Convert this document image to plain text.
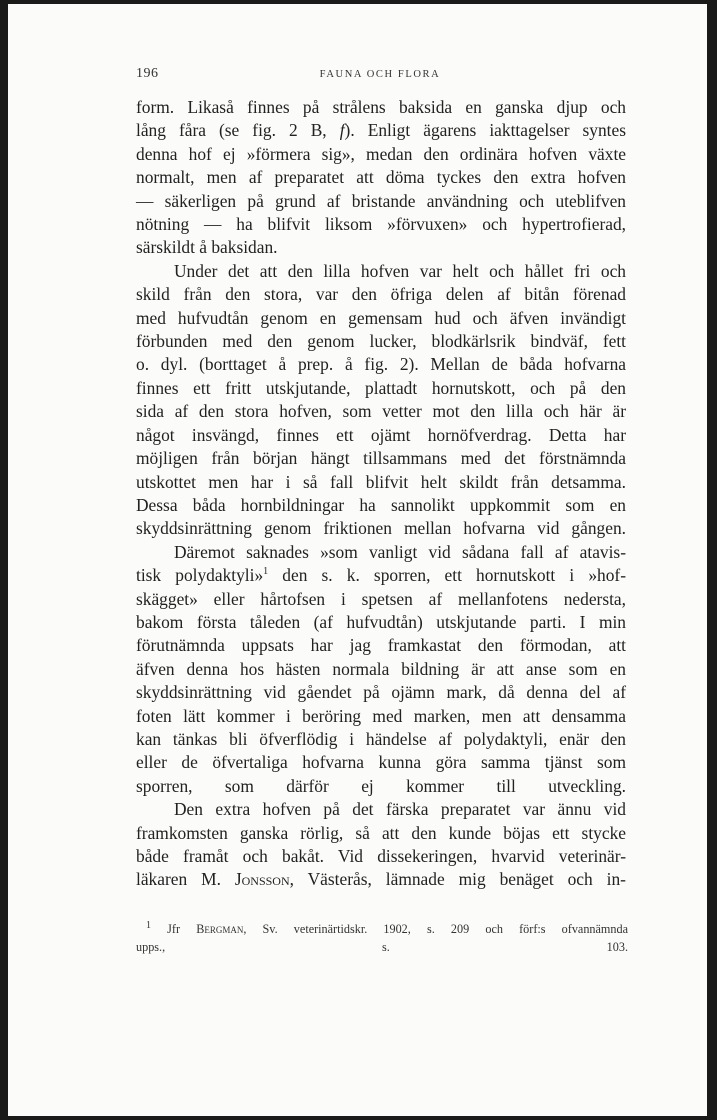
196	FAUNA OCH FLORA
form. Likaså finnes på strålens baksida en ganska djup och
lång fåra (se fig. 2 B, f). Enligt ägarens iakttagelser syntes
denna hof ej »förmera sig», medan den ordinära hofven växte
normalt, men af preparatet att döma tyckes den extra hofven
— säkerligen på grund af bristande användning och uteblifven
nötning — ha blifvit liksom »förvuxen» och hypertrofierad,
särskildt å baksidan.
Under det att den lilla hofven var helt och hållet fri och
skild från den stora, var den öfriga delen af bitån förenad
med hufvudtån genom en gemensam hud och äfven invändigt
förbunden med den genom lucker, blodkärlsrik bindväf, fett
o. dyl. (borttaget å prep. å fig. 2). Mellan de båda hofvarna
finnes ett fritt utskjutande, plattadt hornutskott, och på den
sida af den stora hofven, som vetter mot den lilla och här är
något insvängd, finnes ett ojämt hornöfverdrag. Detta har
möjligen från början hängt tillsammans med det förstnämnda
utskottet men har i så fall blifvit helt skildt från detsamma.
Dessa båda hornbildningar ha sannolikt uppkommit som en
skyddsinrättning genom friktionen mellan hofvarna vid gången.
Däremot saknades »som vanligt vid sådana fall af atavis-
tisk polydaktyli»$^1$ den s. k. sporren, ett hornutskott i »hof-
skägget» eller hårtofsen i spetsen af mellanfotens nedersta,
bakom första tåleden (af hufvudtån) utskjutande parti. I min
förutnämnda uppsats har jag framkastat den förmodan, att
äfven denna hos hästen normala bildning är att anse som en
skyddsinrättning vid gåendet på ojämn mark, då denna del af
foten lätt kommer i beröring med marken, men att densamma
kan tänkas bli öfverflödig i händelse af polydaktyli, enär den
eller de öfvertaliga hofvarna kunna göra samma tjänst som
sporren, som därför ej kommer till utveckling.
Den extra hofven på det färska preparatet var ännu vid
framkomsten ganska rörlig, så att den kunde böjas ett stycke
både framåt och bakåt. Vid dissekeringen, hvarvid veterinär-
läkaren M. Jonsson, Västerås, lämnade mig benäget och in-
$^1$ Jfr Bergman, Sv. veterinärtidskr. 1902, s. 209 och förf:s ofvannämnda
upps., s. 103.
